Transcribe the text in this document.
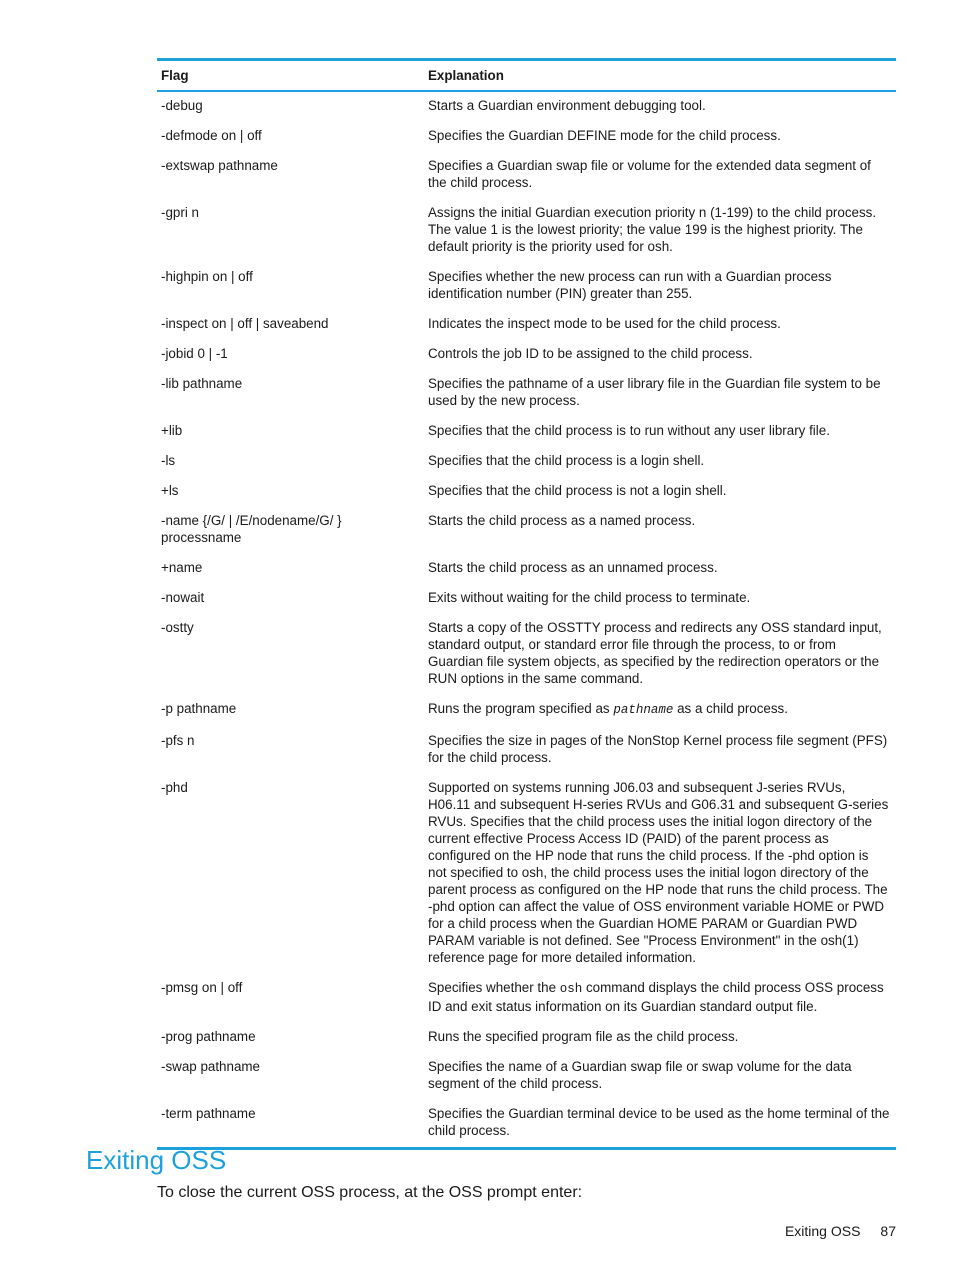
Flag	Explanation
-debug	Starts a Guardian environment debugging tool.
-defmode on | off	Specifies the Guardian DEFINE mode for the child process.
-extswap pathname	Specifies a Guardian swap file or volume for the extended data segment of the child process.
-gpri n	Assigns the initial Guardian execution priority n (1-199) to the child process. The value 1 is the lowest priority; the value 199 is the highest priority. The default priority is the priority used for osh.
-highpin on | off	Specifies whether the new process can run with a Guardian process identification number (PIN) greater than 255.
-inspect on | off | saveabend	Indicates the inspect mode to be used for the child process.
-jobid 0 | -1	Controls the job ID to be assigned to the child process.
-lib pathname	Specifies the pathname of a user library file in the Guardian file system to be used by the new process.
+lib	Specifies that the child process is to run without any user library file.
-ls	Specifies that the child process is a login shell.
+ls	Specifies that the child process is not a login shell.
-name {/G/ | /E/nodename/G/ } processname	Starts the child process as a named process.
+name	Starts the child process as an unnamed process.
-nowait	Exits without waiting for the child process to terminate.
-ostty	Starts a copy of the OSSTTY process and redirects any OSS standard input, standard output, or standard error file through the process, to or from Guardian file system objects, as specified by the redirection operators or the RUN options in the same command.
-p pathname	Runs the program specified as pathname as a child process.
-pfs n	Specifies the size in pages of the NonStop Kernel process file segment (PFS) for the child process.
-phd	Supported on systems running J06.03 and subsequent J-series RVUs, H06.11 and subsequent H-series RVUs and G06.31 and subsequent G-series RVUs. Specifies that the child process uses the initial logon directory of the current effective Process Access ID (PAID) of the parent process as configured on the HP node that runs the child process. If the -phd option is not specified to osh, the child process uses the initial logon directory of the parent process as configured on the HP node that runs the child process. The -phd option can affect the value of OSS environment variable HOME or PWD for a child process when the Guardian HOME PARAM or Guardian PWD PARAM variable is not defined. See "Process Environment" in the osh(1) reference page for more detailed information.
-pmsg on | off	Specifies whether the osh command displays the child process OSS process ID and exit status information on its Guardian standard output file.
-prog pathname	Runs the specified program file as the child process.
-swap pathname	Specifies the name of a Guardian swap file or swap volume for the data segment of the child process.
-term pathname	Specifies the Guardian terminal device to be used as the home terminal of the child process.
Exiting OSS

To close the current OSS process, at the OSS prompt enter:

Exiting OSS 87
